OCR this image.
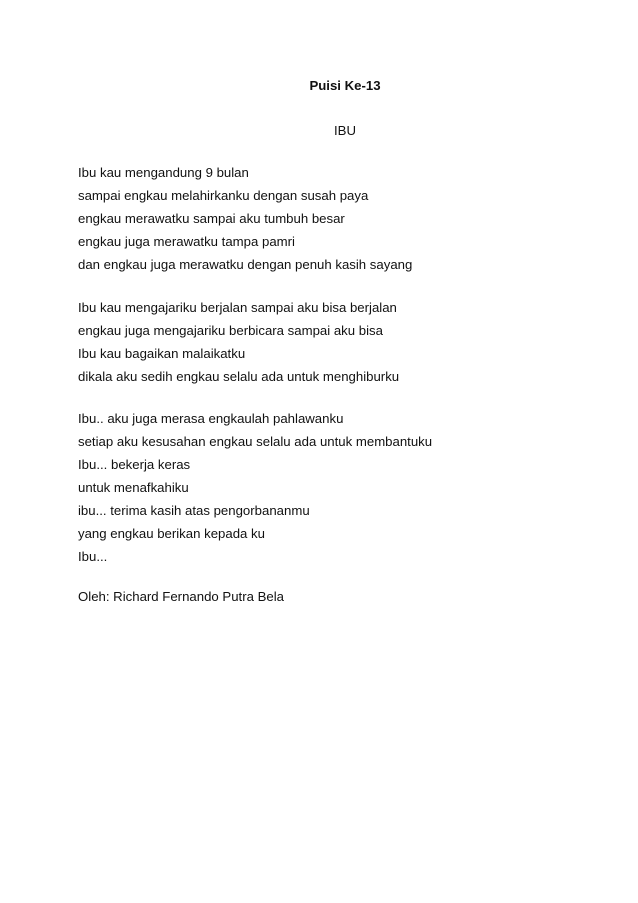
Puisi Ke-13
IBU
Ibu kau mengandung 9 bulan
sampai engkau melahirkanku dengan susah paya
engkau merawatku sampai aku tumbuh besar
engkau juga merawatku tampa pamri
dan engkau juga merawatku dengan penuh kasih sayang
Ibu kau mengajariku berjalan sampai aku bisa berjalan
engkau juga mengajariku berbicara sampai aku bisa
Ibu kau bagaikan malaikatku
dikala aku sedih engkau selalu ada untuk menghiburku
Ibu.. aku juga merasa engkaulah pahlawanku
setiap aku kesusahan engkau selalu ada untuk membantuku
Ibu... bekerja keras
untuk menafkahiku
ibu... terima kasih atas pengorbananmu
yang engkau berikan kepada ku
Ibu...
Oleh: Richard Fernando Putra Bela
